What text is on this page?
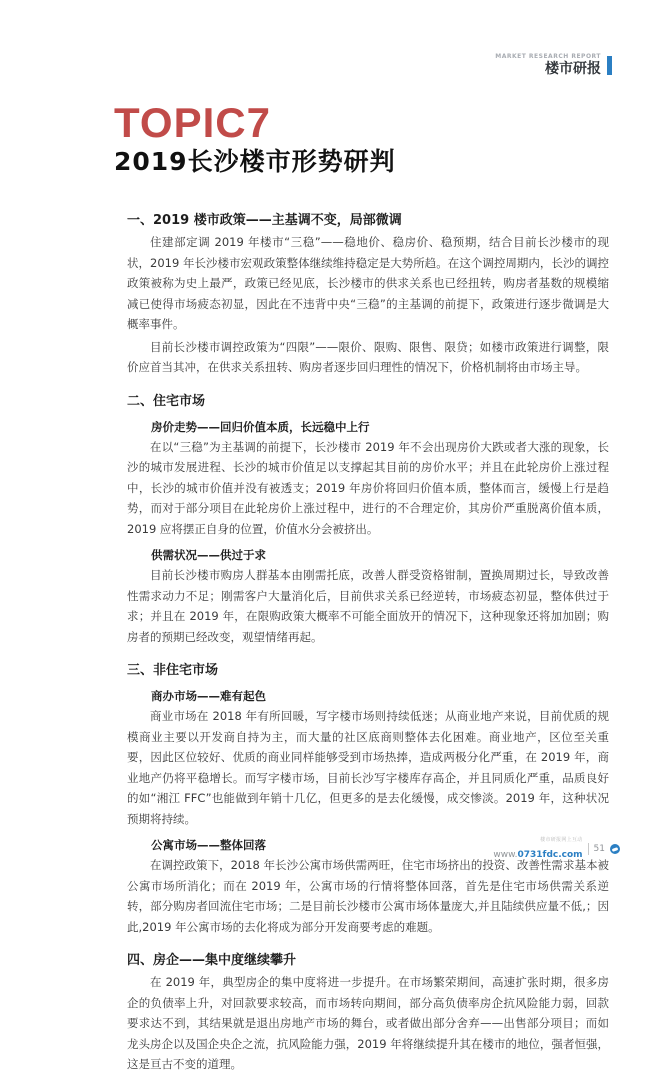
MARKET RESEARCH REPORT
楼市研报
TOPIC7
2019长沙楼市形势研判
一、2019 楼市政策——主基调不变，局部微调

住建部定调 2019 年楼市“三稳”——稳地价、稳房价、稳预期，结合目前长沙楼市的现状，2019 年长沙楼市宏观政策整体继续维持稳定是大势所趋。在这个调控周期内，长沙的调控政策被称为史上最严，政策已经见底，长沙楼市的供求关系也已经扭转，购房者基数的规模缩减已使得市场疲态初显，因此在不违背中央“三稳”的主基调的前提下，政策进行逐步微调是大概率事件。

目前长沙楼市调控政策为“四限”——限价、限购、限售、限贷；如楼市政策进行调整，限价应首当其冲，在供求关系扭转、购房者逐步回归理性的情况下，价格机制将由市场主导。

二、住宅市场
房价走势——回归价值本质，长远稳中上行

在以“三稳”为主基调的前提下，长沙楼市 2019 年不会出现房价大跌或者大涨的现象，长沙的城市发展进程、长沙的城市价值足以支撑起其目前的房价水平；并且在此轮房价上涨过程中，长沙的城市价值并没有被透支；2019 年房价将回归价值本质，整体而言，缓慢上行是趋势，而对于部分项目在此轮房价上涨过程中，进行的不合理定价，其房价严重脱离价值本质，2019 应将摆正自身的位置，价值水分会被挤出。

供需状况——供过于求

目前长沙楼市购房人群基本由刚需托底，改善人群受资格钳制，置换周期过长，导致改善性需求动力不足；刚需客户大量消化后，目前供求关系已经逆转，市场疲态初显，整体供过于求；并且在 2019 年，在限购政策大概率不可能全面放开的情况下，这种现象还将加加剧；购房者的预期已经改变，观望情绪再起。

三、非住宅市场
商办市场——难有起色

商业市场在 2018 年有所回暖，写字楼市场则持续低迷；从商业地产来说，目前优质的规模商业主要以开发商自持为主，而大量的社区底商则整体去化困难。商业地产，区位至关重要，因此区位较好、优质的商业同样能够受到市场热捧，造成两极分化严重，在 2019 年，商业地产仍将平稳增长。而写字楼市场，目前长沙写字楼库存高企，并且同质化严重，品质良好的如“湘江 FFC”也能做到年销十几亿，但更多的是去化缓慢，成交惨淡。2019 年，这种状况预期将持续。

公寓市场——整体回落

在调控政策下，2018 年长沙公寓市场供需两旺，住宅市场挤出的投资、改善性需求基本被公寓市场所消化；而在 2019 年，公寓市场的行情将整体回落，首先是住宅市场供需关系逆转，部分购房者回流住宅市场；二是目前长沙楼市公寓市场体量庞大,并且陆续供应量不低,；因此,2019 年公寓市场的去化将成为部分开发商要考虑的难题。

四、房企——集中度继续攀升

在 2019 年，典型房企的集中度将进一步提升。在市场繁荣期间，高速扩张时期，很多房企的负债率上升，对回款要求较高，而市场转向期间，部分高负债率房企抗风险能力弱，回款要求达不到，其结果就是退出房地产市场的舞台，或者做出部分舍弃——出售部分项目；而如龙头房企以及国企央企之流，抗风险能力强，2019 年将继续提升其在楼市的地位，强者恒强，这是亘古不变的道理。

楼市研报网上互动
www.0731fdc.com
51
